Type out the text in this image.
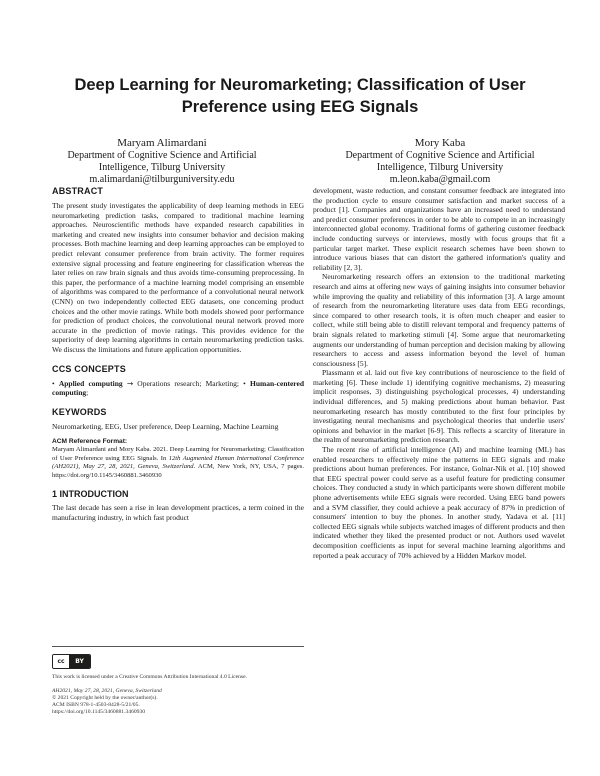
Deep Learning for Neuromarketing; Classification of User Preference using EEG Signals
Maryam Alimardani
Department of Cognitive Science and Artificial
Intelligence, Tilburg University
m.alimardani@tilburguniversity.edu
Mory Kaba
Department of Cognitive Science and Artificial
Intelligence, Tilburg University
m.leon.kaba@gmail.com
ABSTRACT

The present study investigates the applicability of deep learning methods in EEG neuromarketing prediction tasks, compared to traditional machine learning approaches. Neuroscientific methods have expanded research capabilities in marketing and created new insights into consumer behavior and decision making processes. Both machine learning and deep learning approaches can be employed to predict relevant consumer preference from brain activity. The former requires extensive signal processing and feature engineering for classification whereas the later relies on raw brain signals and thus avoids time-consuming preprocessing. In this paper, the performance of a machine learning model comprising an ensemble of algorithms was compared to the performance of a convolutional neural network (CNN) on two independently collected EEG datasets, one concerning product choices and the other movie ratings. While both models showed poor performance for prediction of product choices, the convolutional neural network proved more accurate in the prediction of movie ratings. This provides evidence for the superiority of deep learning algorithms in certain neuromarketing prediction tasks. We discuss the limitations and future application opportunities.

CCS CONCEPTS
• Applied computing → Operations research; Marketing; • Human-centered computing;
KEYWORDS

Neuromarketing, EEG, User preference, Deep Learning, Machine Learning

ACM Reference Format:
Maryam Alimardani and Mory Kaba. 2021. Deep Learning for Neuromarketing; Classification of User Preference using EEG Signals. In 12th Augmented Human International Conference (AH2021), May 27, 28, 2021, Geneva, Switzerland. ACM, New York, NY, USA, 7 pages. https://doi.org/10.1145/3460881.3460930
1 INTRODUCTION

The last decade has seen a rise in lean development practices, a term coined in the manufacturing industry, in which fast product

cc	BY
This work is licensed under a Creative Commons Attribution International 4.0 License.
AH2021, May 27, 28, 2021, Geneva, Switzerland
© 2021 Copyright held by the owner/author(s).
ACM ISBN 978-1-4503-8428-5/21/05.
https://doi.org/10.1145/3460881.3460930

development, waste reduction, and constant consumer feedback are integrated into the production cycle to ensure consumer satisfaction and market success of a product [1]. Companies and organizations have an increased need to understand and predict consumer preferences in order to be able to compete in an increasingly interconnected global economy. Traditional forms of gathering customer feedback include conducting surveys or interviews, mostly with focus groups that fit a particular target market. These explicit research schemes have been shown to introduce various biases that can distort the gathered information's quality and reliability [2, 3].

Neuromarketing research offers an extension to the traditional marketing research and aims at offering new ways of gaining insights into consumer behavior while improving the quality and reliability of this information [3]. A large amount of research from the neuromarketing literature uses data from EEG recordings, since compared to other research tools, it is often much cheaper and easier to collect, while still being able to distill relevant temporal and frequency patterns of brain signals related to marketing stimuli [4]. Some argue that neuromarketing augments our understanding of human perception and decision making by allowing researchers to access and assess information beyond the level of human consciousness [5].

Plassmann et al. laid out five key contributions of neuroscience to the field of marketing [6]. These include 1) identifying cognitive mechanisms, 2) measuring implicit responses, 3) distinguishing psychological processes, 4) understanding individual differences, and 5) making predictions about human behavior. Past neuromarketing research has mostly contributed to the first four principles by investigating neural mechanisms and psychological theories that underlie users' opinions and behavior in the market [6-9]. This reflects a scarcity of literature in the realm of neuromarketing prediction research.

The recent rise of artificial intelligence (AI) and machine learning (ML) has enabled researchers to effectively mine the patterns in EEG signals and make predictions about human preferences. For instance, Golnar-Nik et al. [10] showed that EEG spectral power could serve as a useful feature for predicting consumer choices. They conducted a study in which participants were shown different mobile phone advertisements while EEG signals were recorded. Using EEG band powers and a SVM classifier, they could achieve a peak accuracy of 87% in prediction of consumers' intention to buy the phones. In another study, Yadava et al. [11] collected EEG signals while subjects watched images of different products and then indicated whether they liked the presented product or not. Authors used wavelet decomposition coefficients as input for several machine learning algorithms and reported a peak accuracy of 70% achieved by a Hidden Markov model.
